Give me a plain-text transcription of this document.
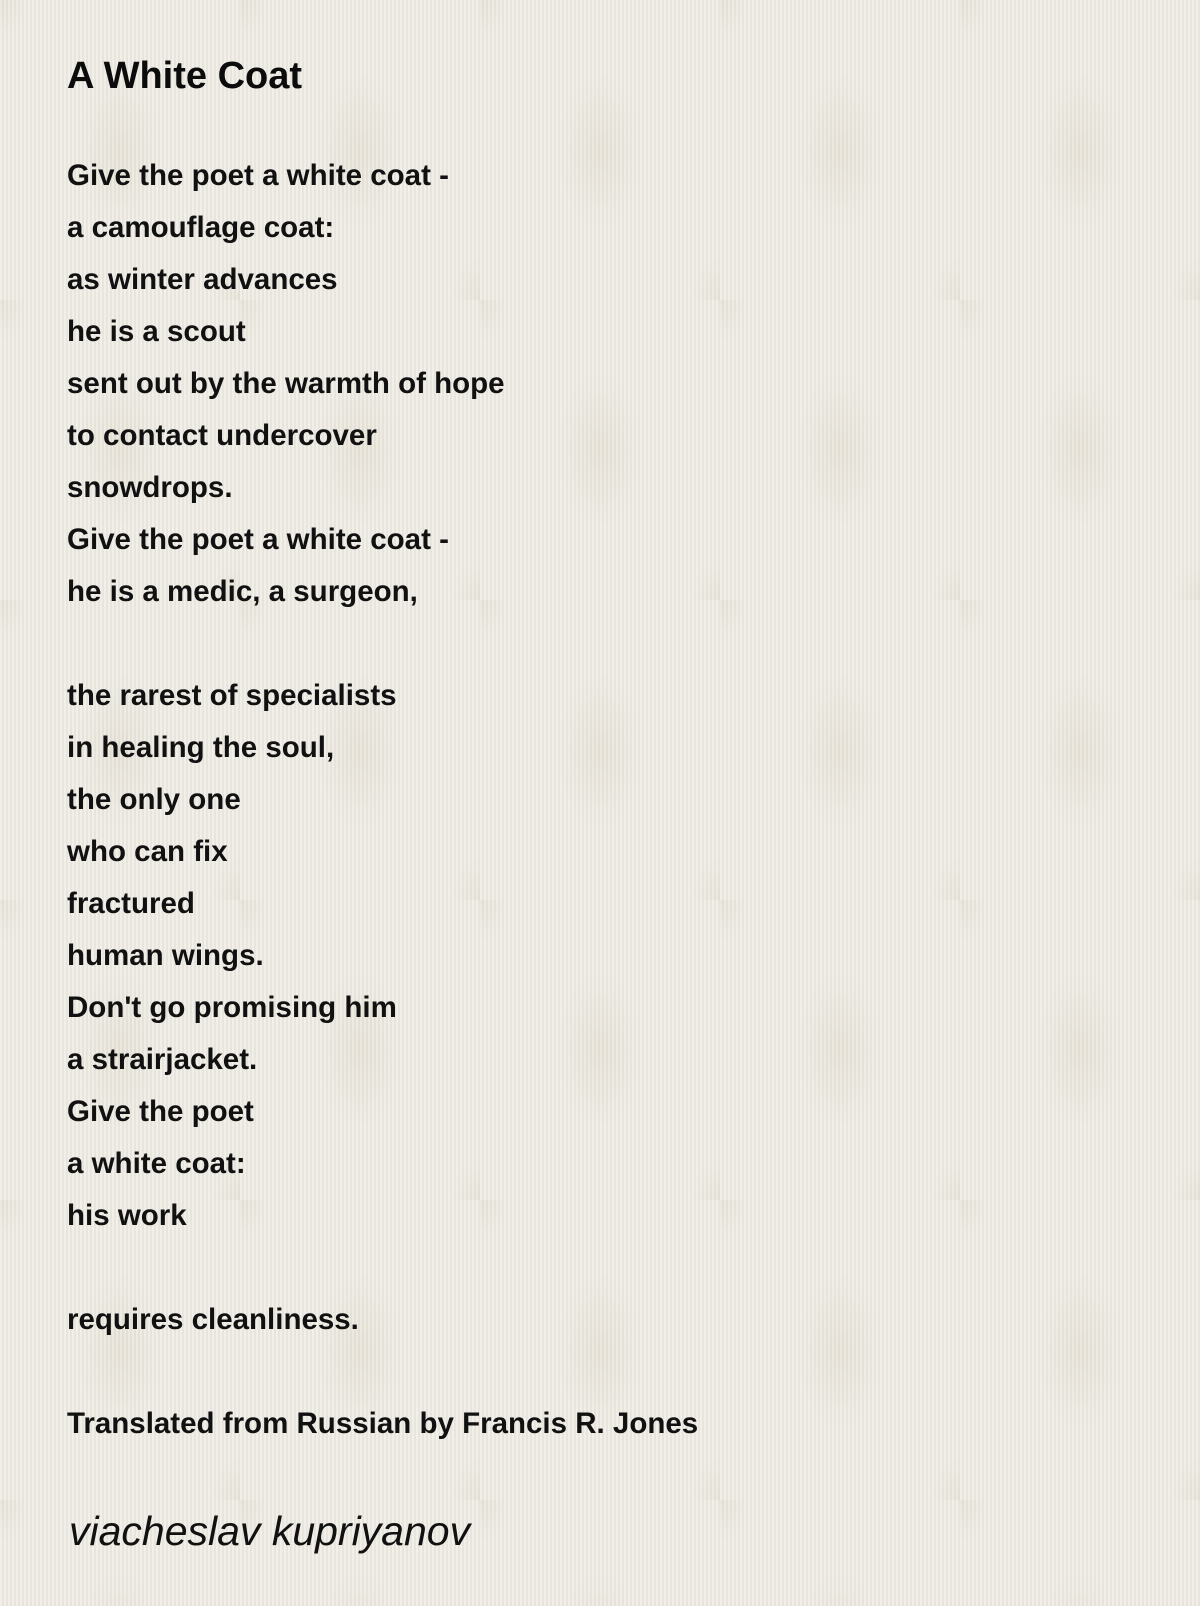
A White Coat
Give the poet a white coat -
a camouflage coat:
as winter advances
he is a scout
sent out by the warmth of hope
to contact undercover
snowdrops.
Give the poet a white coat -
he is a medic, a surgeon,
the rarest of specialists
in healing the soul,
the only one
who can fix
fractured
human wings.
Don't go promising him
a strairjacket.
Give the poet
a white coat:
his work
requires cleanliness.
Translated from Russian by Francis R. Jones
viacheslav kupriyanov
